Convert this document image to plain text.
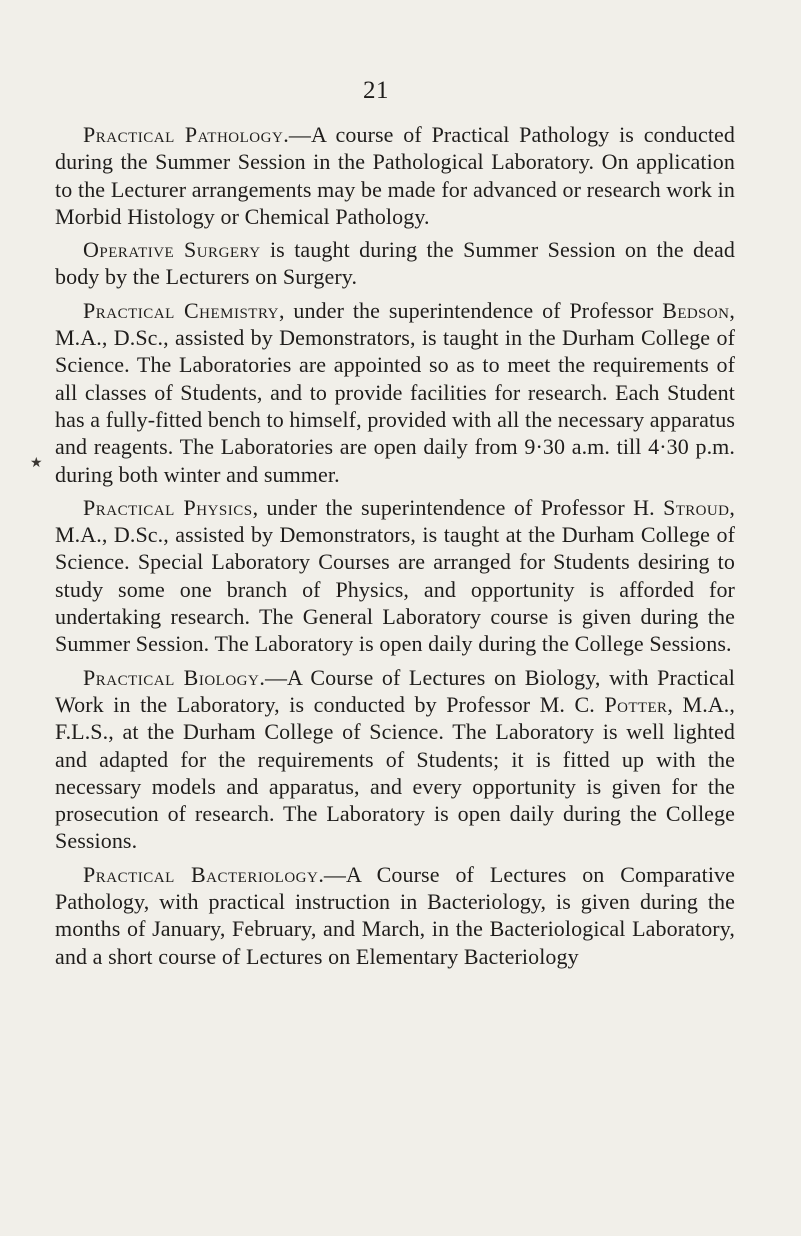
21
★

Practical Pathology.—A course of Practical Pathology is conducted during the Summer Session in the Pathological Laboratory. On application to the Lecturer arrangements may be made for advanced or research work in Morbid Histology or Chemical Pathology.

Operative Surgery is taught during the Summer Session on the dead body by the Lecturers on Surgery.

Practical Chemistry, under the superintendence of Professor Bedson, M.A., D.Sc., assisted by Demonstrators, is taught in the Durham College of Science. The Laboratories are appointed so as to meet the requirements of all classes of Students, and to provide facilities for research. Each Student has a fully-fitted bench to himself, provided with all the necessary apparatus and reagents. The Laboratories are open daily from 9·30 a.m. till 4·30 p.m. during both winter and summer.

Practical Physics, under the superintendence of Professor H. Stroud, M.A., D.Sc., assisted by Demonstrators, is taught at the Durham College of Science. Special Laboratory Courses are arranged for Students desiring to study some one branch of Physics, and opportunity is afforded for undertaking research. The General Laboratory course is given during the Summer Session. The Laboratory is open daily during the College Sessions.

Practical Biology.—A Course of Lectures on Biology, with Practical Work in the Laboratory, is conducted by Professor M. C. Potter, M.A., F.L.S., at the Durham College of Science. The Laboratory is well lighted and adapted for the requirements of Students; it is fitted up with the necessary models and apparatus, and every opportunity is given for the prosecution of research. The Laboratory is open daily during the College Sessions.

Practical Bacteriology.—A Course of Lectures on Comparative Pathology, with practical instruction in Bacteriology, is given during the months of January, February, and March, in the Bacteriological Laboratory, and a short course of Lectures on Elementary Bacteriology
